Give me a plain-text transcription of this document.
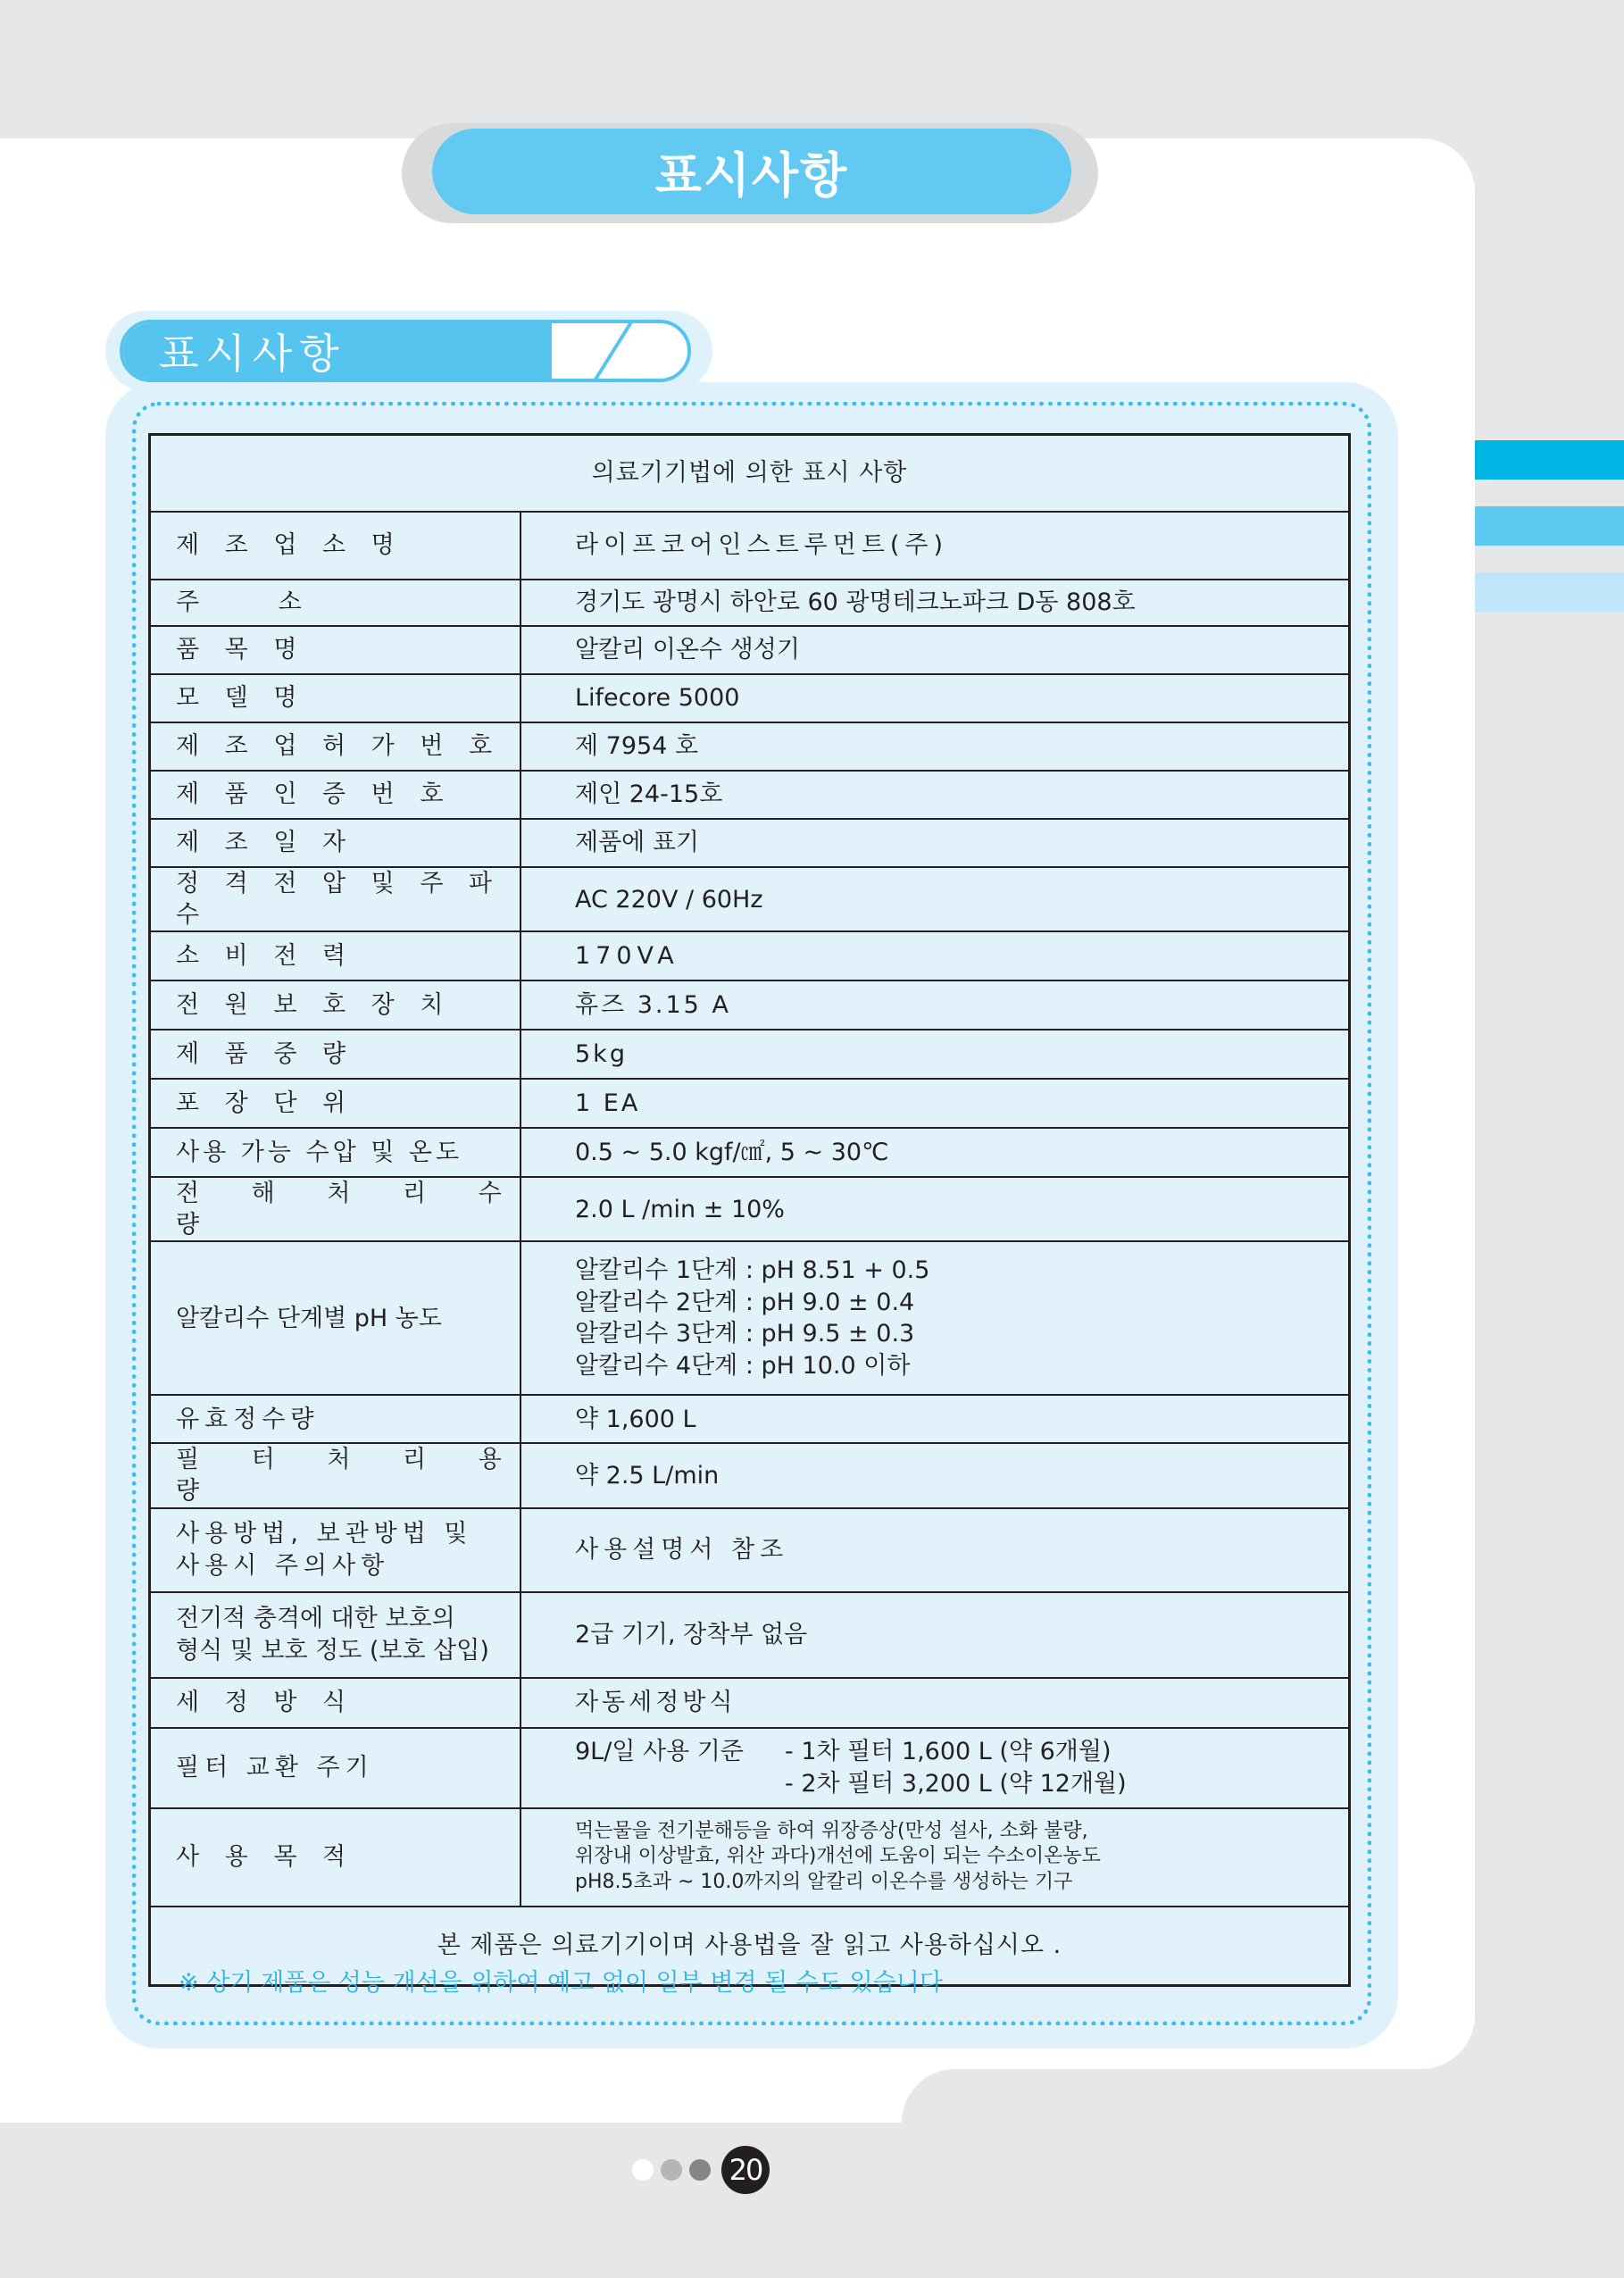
표시사항
표시사항
의료기기법에 의한 표시 사항	
제 조 업 소 명	라이프코어인스트루먼트(주)
주 소	경기도 광명시 하안로 60 광명테크노파크 D동 808호
품 목 명	알칼리 이온수 생성기
모 델 명	Lifecore 5000
제 조 업 허 가 번 호	제 7954 호
제 품 인 증 번 호	제인 24-15호
제 조 일 자	제품에 표기
정 격 전 압 및 주 파 수	AC 220V / 60Hz
소 비 전 력	170VA
전 원 보 호 장 치	휴즈 3.15 A
제 품 중 량	5kg
포 장 단 위	1 EA
사용 가능 수압 및 온도	0.5 ~ 5.0 kgf/㎠, 5 ~ 30℃
전 해 처 리 수 량	2.0 L /min ± 10%
알칼리수 단계별 pH 농도	알칼리수 1단계 : pH 8.51 + 0.5
알칼리수 2단계 : pH 9.0 ± 0.4
알칼리수 3단계 : pH 9.5 ± 0.3
알칼리수 4단계 : pH 10.0 이하

유효정수량	약 1,600 L
필 터 처 리 용 량	약 2.5 L/min

사용방법, 보관방법 및
사용시 주의사항	사용설명서 참조

전기적 충격에 대한 보호의
형식 및 보호 정도 (보호 삽입)	2급 기기, 장착부 없음
세 정 방 식	자동세정방식
필터 교환 주기	9L/일 사용 기준 - 1차 필터 1,600 L (약 6개월)
- 2차 필터 3,200 L (약 12개월)

사 용 목 적	먹는물을 전기분해등을 하여 위장증상(만성 설사, 소화 불량,
위장내 이상발효, 위산 과다)개선에 도움이 되는 수소이온농도
pH8.5초과 ~ 10.0까지의 알칼리 이온수를 생성하는 기구

본 제품은 의료기기이며 사용법을 잘 읽고 사용하십시오 .	
※ 상기 제품은 성능 개선을 위하여 예고 없이 일부 변경 될 수도 있습니다
20
